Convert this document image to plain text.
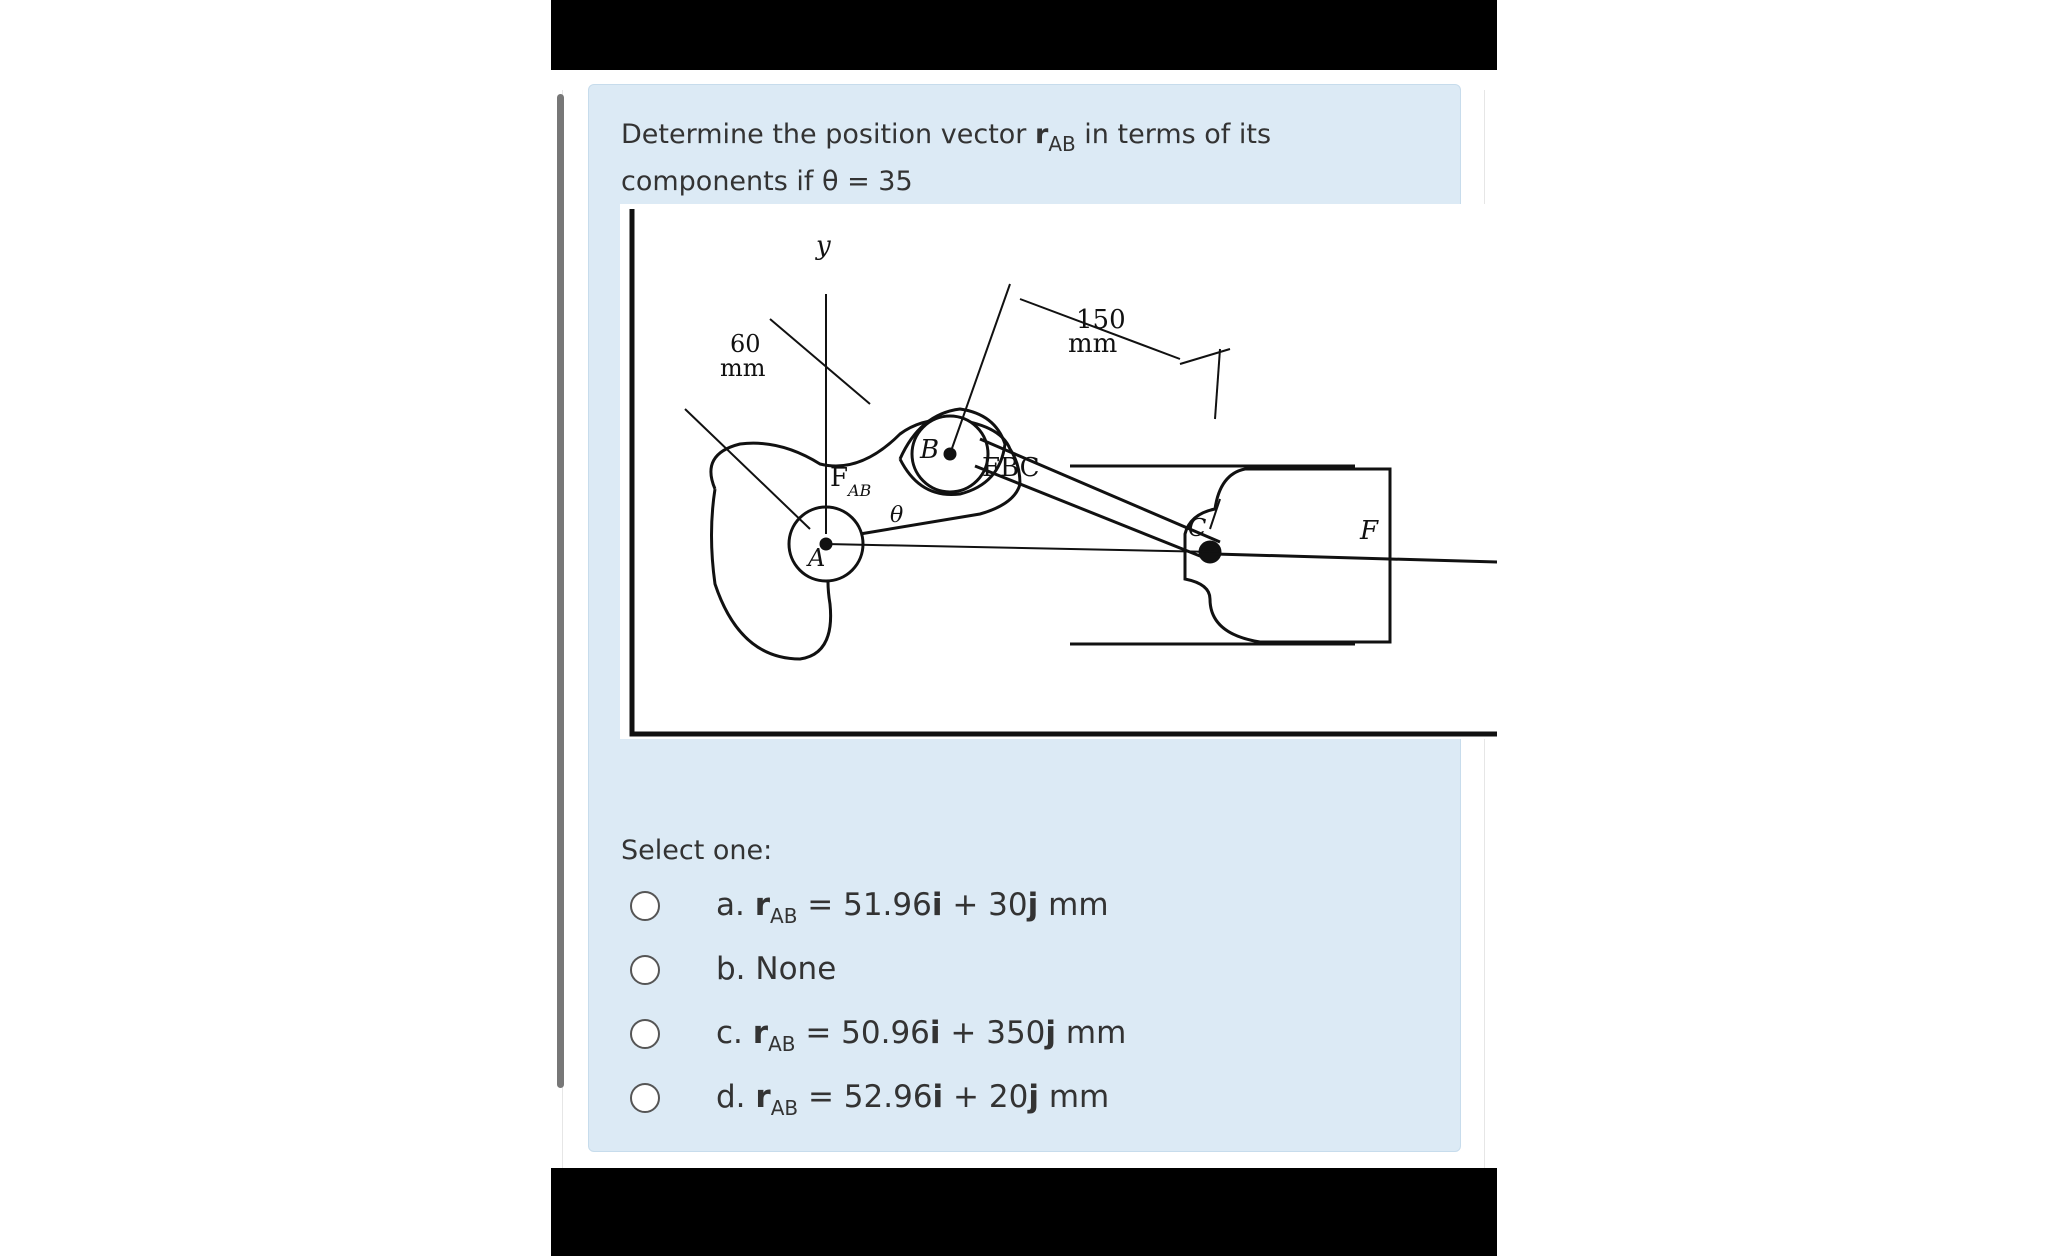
Determine the position vector $r_{AB}$ in terms of its
components if θ = 35
y
60
mm
150
mm
B
F AB
FBC
θ
A
C	F
Select one:
a. $r_{AB} = 51.96i + 30j$ mm
b. None
c. $r_{AB} = 50.96i + 350j$ mm
d. $r_{AB} = 52.96i + 20j$ mm
